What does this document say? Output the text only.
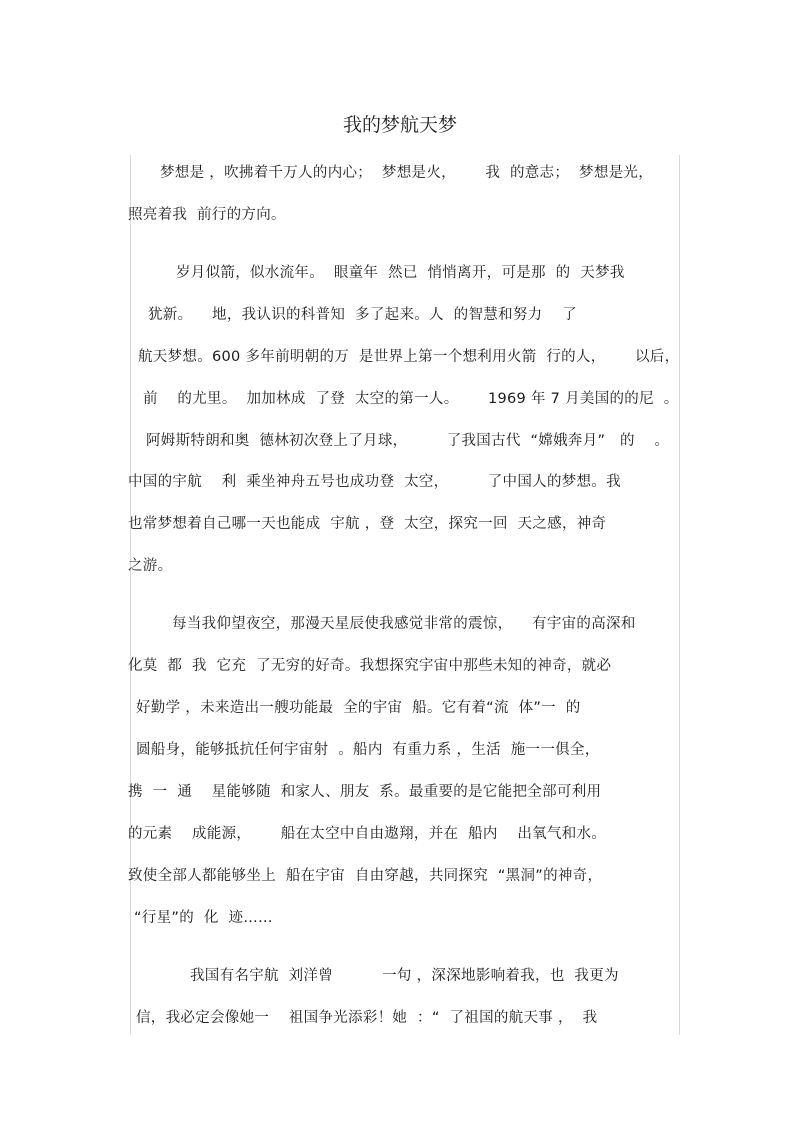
我的梦航天梦
梦想是 ，吹拂着千万人的内心；  梦想是火，      我  的意志；  梦想是光，
照亮着我  前行的方向。
岁月似箭，似水流年。  眼童年  然已  悄悄离开，可是那  的  天梦我
犹新。    地，我认识的科普知  多了起来。人  的智慧和努力    了
航天梦想。600 多年前明朝的万  是世界上第一个想利用火箭  行的人，      以后，
前    的尤里。  加加林成  了登  太空的第一人。      1969 年 7 月美国的的尼  。
阿姆斯特朗和奥  德林初次登上了月球，        了我国古代  “嫦娥奔月”   的    。
中国的宇航    利  乘坐神舟五号也成功登  太空，        了中国人的梦想。我
也常梦想着自己哪一天也能成  宇航 ，登  太空，探究一回  天之感，神奇
之游。
每当我仰望夜空，那漫天星辰使我感觉非常的震惊，    有宇宙的高深和
化莫  都  我  它充  了无穷的好奇。我想探究宇宙中那些未知的神奇，就必
好勤学 ，未来造出一艘功能最  全的宇宙  船。它有着“流  体”一  的
圆船身，能够抵抗任何宇宙射  。船内  有重力系 ，生活  施一一俱全，
携  一  通    星能够随  和家人、朋友  系。最重要的是它能把全部可利用
的元素    成能源，      船在太空中自由遨翔，并在  船内    出氧气和水。
致使全部人都能够坐上  船在宇宙  自由穿越，共同探究  “黑洞”的神奇，
“行星”的  化  迹……
我国有名宇航  刘洋曾          一句 ，深深地影响着我，也  我更为
信，我必定会像她一    祖国争光添彩！她  ：“  了祖国的航天事 ，  我
